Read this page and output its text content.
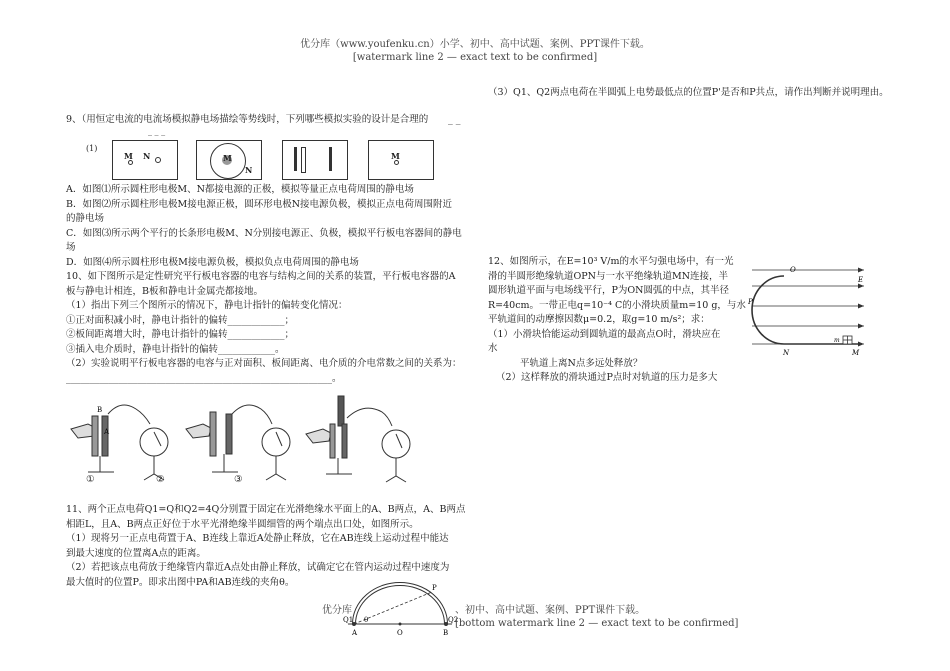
优分库（www.youfenku.cn）小学、初中、高中试题、案例、PPT课件下载。
[watermark line 2 — exact text to be confirmed]
（3）Q1、Q2两点电荷在半圆弧上电势最低点的位置P'是否和P共点，请作出判断并说明理由。
9、（用恒定电流的电流场模拟静电场描绘等势线时，下列哪些模拟实验的设计是合理的 _ _
_ _ _
(1)
M N	M
N
M
A．如图⑴所示圆柱形电极M、N都接电源的正极，模拟等量正点电荷周围的静电场
B．如图⑵所示圆柱形电极M接电源正极，圆环形电极N接电源负极，模拟正点电荷周围附近
的静电场
C．如图⑶所示两个平行的长条形电极M、N分别接电源正、负极，模拟平行板电容器间的静电
场
D．如图⑷所示圆柱形电极M接电源负极，模拟负点电荷周围的静电场
10、如下图所示是定性研究平行板电容器的电容与结构之间的关系的装置，平行板电容器的A
板与静电计相连，B板和静电计金属壳都接地。
（1）指出下列三个图所示的情况下，静电计指针的偏转变化情况：
①正对面积减小时，静电计指针的偏转____________；
②板间距离增大时，静电计指针的偏转____________；
③插入电介质时，静电计指针的偏转____________。
（2）实验说明平行板电容器的电容与正对面积、板间距离、电介质的介电常数之间的关系为：
________________________________________________________。
B
A
①	②	③
11、两个正点电荷Q1=Q和Q2=4Q分别置于固定在光滑绝缘水平面上的A、B两点，A、B两点
相距L，且A、B两点正好位于水平光滑绝缘半圆细管的两个端点出口处，如图所示。
（1）现将另一正点电荷置于A、B连线上靠近A处静止释放，它在AB连线上运动过程中能达
到最大速度的位置离A点的距离。
（2）若把该点电荷放于绝缘管内靠近A点处由静止释放，试确定它在管内运动过程中速度为
最大值时的位置P。即求出图中PA和AB连线的夹角θ。
Q1	Q2
A	O	B
P
θ
优分库	、初中、高中试题、案例、PPT课件下载。
[bottom watermark line 2 — exact text to be confirmed]
12、如图所示，在E=10³ V/m的水平匀强电场中，有一光
滑的半圆形绝缘轨道OPN与一水平绝缘轨道MN连接，半
圆形轨道平面与电场线平行，P为ON圆弧的中点，其半径
R=40cm。一带正电q=10⁻⁴ C的小滑块质量m=10 g，与水
平轨道间的动摩擦因数μ=0.2，取g=10 m/s²；求：
（1）小滑块恰能运动到圆轨道的最高点O时，滑块应在
水
平轨道上离N点多远处释放？
（2）这样释放的滑块通过P点时对轨道的压力是多大
O
E
P
N	M
m
